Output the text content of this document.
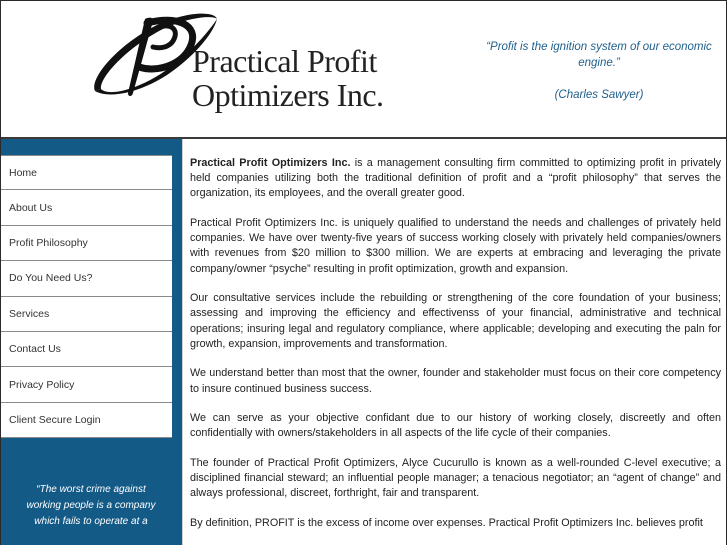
Practical Profit
Optimizers Inc.
“Profit is the ignition system of our economic engine.”
(Charles Sawyer)
Home
About Us
Profit Philosophy
Do You Need Us?
Services
Contact Us
Privacy Policy
Client Secure Login
“The worst crime against working people is a company which fails to operate at a

Practical Profit Optimizers Inc. is a management consulting firm committed to optimizing profit in privately held companies utilizing both the traditional definition of profit and a “profit philosophy” that serves the organization, its employees, and the overall greater good.

Practical Profit Optimizers Inc. is uniquely qualified to understand the needs and challenges of privately held companies. We have over twenty-five years of success working closely with privately held companies/owners with revenues from $20 million to $300 million. We are experts at embracing and leveraging the private company/owner “psyche” resulting in profit optimization, growth and expansion.

Our consultative services include the rebuilding or strengthening of the core foundation of your business; assessing and improving the efficiency and effectivenss of your financial, administrative and technical operations; insuring legal and regulatory compliance, where applicable; developing and executing the paln for growth, expansion, improvements and transformation.

We understand better than most that the owner, founder and stakeholder must focus on their core competency to insure continued business success.

We can serve as your objective confidant due to our history of working closely, discreetly and often confidentially with owners/stakeholders in all aspects of the life cycle of their companies.

The founder of Practical Profit Optimizers, Alyce Cucurullo is known as a well-rounded C-level executive; a disciplined financial steward; an influential people manager; a tenacious negotiator; an “agent of change” and always professional, discreet, forthright, fair and transparent.

By definition, PROFIT is the excess of income over expenses. Practical Profit Optimizers Inc. believes profit
